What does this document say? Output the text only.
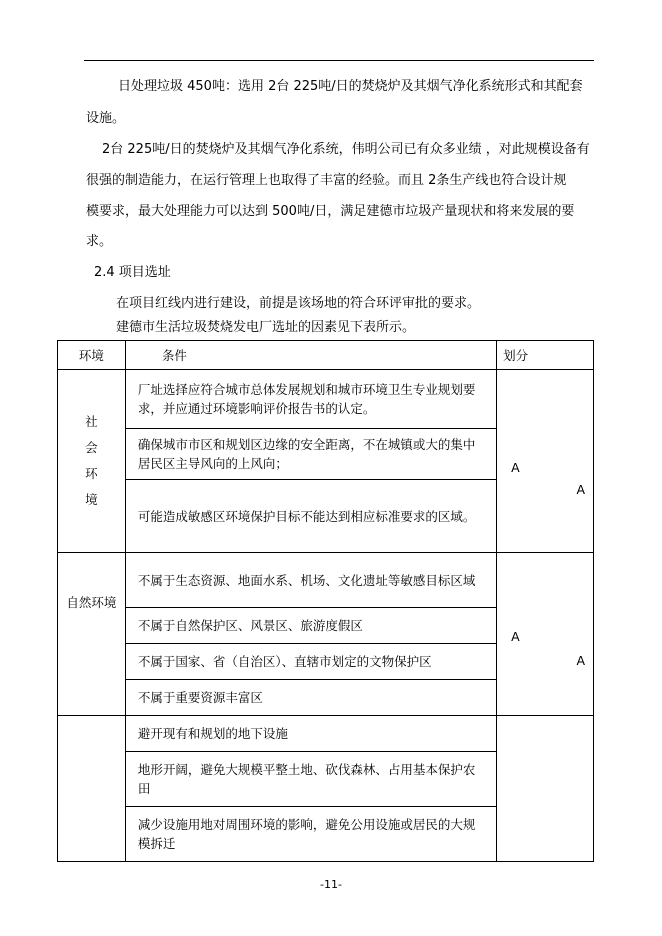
日处理垃圾 450吨：选用 2台 225吨/日的焚烧炉及其烟气净化系统形式和其配套
设施。
2台 225吨/日的焚烧炉及其烟气净化系统，伟明公司已有众多业绩 ，对此规模设备有
很强的制造能力，在运行管理上也取得了丰富的经验。而且 2条生产线也符合设计规
模要求，最大处理能力可以达到 500吨/日，满足建德市垃圾产量现状和将来发展的要
求。
2.4 项目选址
在项目红线内进行建设，前提是该场地的符合环评审批的要求。
建德市生活垃圾焚烧发电厂选址的因素见下表所示。
环境	条件	划分

社
会
环
境	厂址选择应符合城市总体发展规划和城市环境卫生专业规划要求，并应通过环境影响评价报告书的认定。	A
A

	确保城市市区和规划区边缘的安全距离，不在城镇或大的集中居民区主导风向的上风向；	
	可能造成敏感区环境保护目标不能达到相应标准要求的区域。	
自然环境	不属于生态资源、地面水系、机场、文化遗址等敏感目标区域	A
A

	不属于自然保护区、风景区、旅游度假区	
	不属于国家、省（自治区）、直辖市划定的文物保护区	
	不属于重要资源丰富区	
	避开现有和规划的地下设施	
	地形开阔，避免大规模平整土地、砍伐森林、占用基本保护农田	
	减少设施用地对周围环境的影响，避免公用设施或居民的大规模拆迁	
-11-
